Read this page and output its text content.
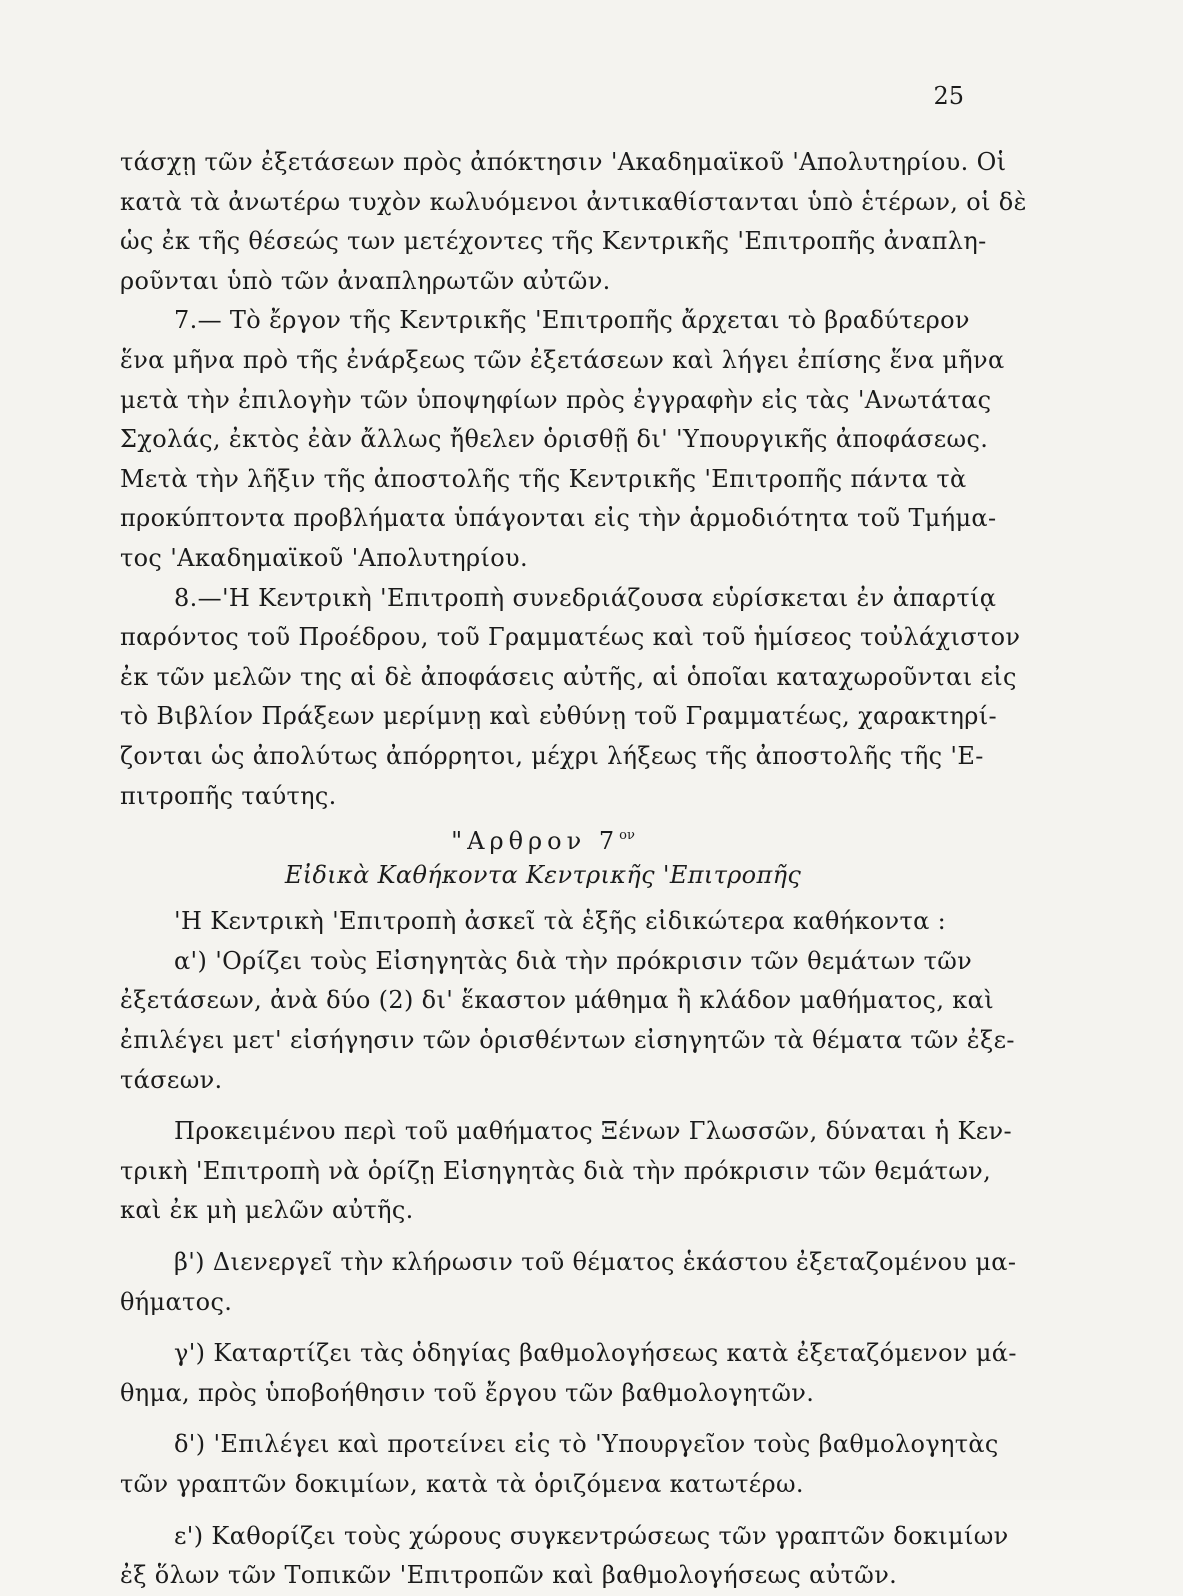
25
τάσχῃ τῶν ἐξετάσεων πρὸς ἀπόκτησιν 'Ακαδημαϊκοῦ 'Απολυτηρίου. Οἱ
κατὰ τὰ ἀνωτέρω τυχὸν κωλυόμενοι ἀντικαθίστανται ὑπὸ ἑτέρων, οἱ δὲ
ὡς ἐκ τῆς θέσεώς των μετέχοντες τῆς Κεντρικῆς 'Επιτροπῆς ἀναπλη-
ροῦνται ὑπὸ τῶν ἀναπληρωτῶν αὐτῶν.
7.— Τὸ ἔργον τῆς Κεντρικῆς 'Επιτροπῆς ἄρχεται τὸ βραδύτερον
ἕνα μῆνα πρὸ τῆς ἐνάρξεως τῶν ἐξετάσεων καὶ λήγει ἐπίσης ἕνα μῆνα
μετὰ τὴν ἐπιλογὴν τῶν ὑποψηφίων πρὸς ἐγγραφὴν εἰς τὰς 'Ανωτάτας
Σχολάς, ἐκτὸς ἐὰν ἄλλως ἤθελεν ὁρισθῇ δι' 'Υπουργικῆς ἀποφάσεως.
Μετὰ τὴν λῆξιν τῆς ἀποστολῆς τῆς Κεντρικῆς 'Επιτροπῆς πάντα τὰ
προκύπτοντα προβλήματα ὑπάγονται εἰς τὴν ἁρμοδιότητα τοῦ Τμήμα-
τος 'Ακαδημαϊκοῦ 'Απολυτηρίου.
8.—'Η Κεντρικὴ 'Επιτροπὴ συνεδριάζουσα εὑρίσκεται ἐν ἀπαρτίᾳ
παρόντος τοῦ Προέδρου, τοῦ Γραμματέως καὶ τοῦ ἡμίσεος τοὐλάχιστον
ἐκ τῶν μελῶν της αἱ δὲ ἀποφάσεις αὐτῆς, αἱ ὁποῖαι καταχωροῦνται εἰς
τὸ Βιβλίον Πράξεων μερίμνῃ καὶ εὐθύνῃ τοῦ Γραμματέως, χαρακτηρί-
ζονται ὡς ἀπολύτως ἀπόρρητοι, μέχρι λήξεως τῆς ἀποστολῆς τῆς 'Ε-
πιτροπῆς ταύτης.
"Αρθρον $7^{o\nu}$
Εἰδικὰ Καθήκοντα Κεντρικῆς 'Επιτροπῆς
'Η Κεντρικὴ 'Επιτροπὴ ἀσκεῖ τὰ ἑξῆς εἰδικώτερα καθήκοντα :
α') 'Ορίζει τοὺς Εἰσηγητὰς διὰ τὴν πρόκρισιν τῶν θεμάτων τῶν
ἐξετάσεων, ἀνὰ δύο (2) δι' ἕκαστον μάθημα ἢ κλάδον μαθήματος, καὶ
ἐπιλέγει μετ' εἰσήγησιν τῶν ὁρισθέντων εἰσηγητῶν τὰ θέματα τῶν ἐξε-
τάσεων.
Προκειμένου περὶ τοῦ μαθήματος Ξένων Γλωσσῶν, δύναται ἡ Κεν-
τρικὴ 'Επιτροπὴ νὰ ὁρίζῃ Εἰσηγητὰς διὰ τὴν πρόκρισιν τῶν θεμάτων,
καὶ ἐκ μὴ μελῶν αὐτῆς.
β') Διενεργεῖ τὴν κλήρωσιν τοῦ θέματος ἑκάστου ἐξεταζομένου μα-
θήματος.
γ') Καταρτίζει τὰς ὁδηγίας βαθμολογήσεως κατὰ ἐξεταζόμενον μά-
θημα, πρὸς ὑποβοήθησιν τοῦ ἔργου τῶν βαθμολογητῶν.
δ') 'Επιλέγει καὶ προτείνει εἰς τὸ 'Υπουργεῖον τοὺς βαθμολογητὰς
τῶν γραπτῶν δοκιμίων, κατὰ τὰ ὁριζόμενα κατωτέρω.
ε') Καθορίζει τοὺς χώρους συγκεντρώσεως τῶν γραπτῶν δοκιμίων
ἐξ ὅλων τῶν Τοπικῶν 'Επιτροπῶν καὶ βαθμολογήσεως αὐτῶν.
